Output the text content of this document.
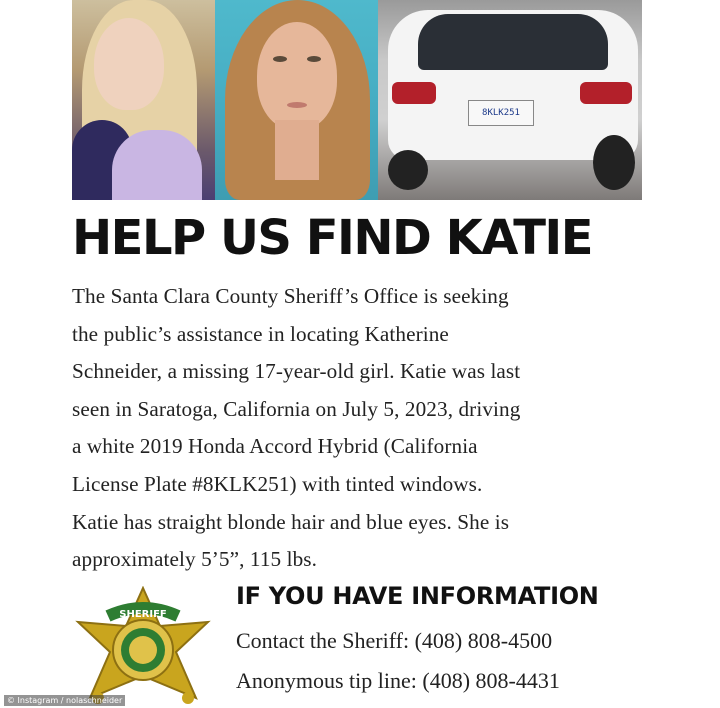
8KLK251
HELP US FIND KATIE
The Santa Clara County Sheriff’s Office is seeking
the public’s assistance in locating Katherine
Schneider, a missing 17-year-old girl. Katie was last
seen in Saratoga, California on July 5, 2023, driving
a white 2019 Honda Accord Hybrid (California
License Plate #8KLK251) with tinted windows.
Katie has straight blonde hair and blue eyes. She is
approximately 5’5”, 115 lbs.
SHERIFF
IF YOU HAVE INFORMATION
Contact the Sheriff: (408) 808-4500
Anonymous tip line: (408) 808-4431
© Instagram / nolaschneider
